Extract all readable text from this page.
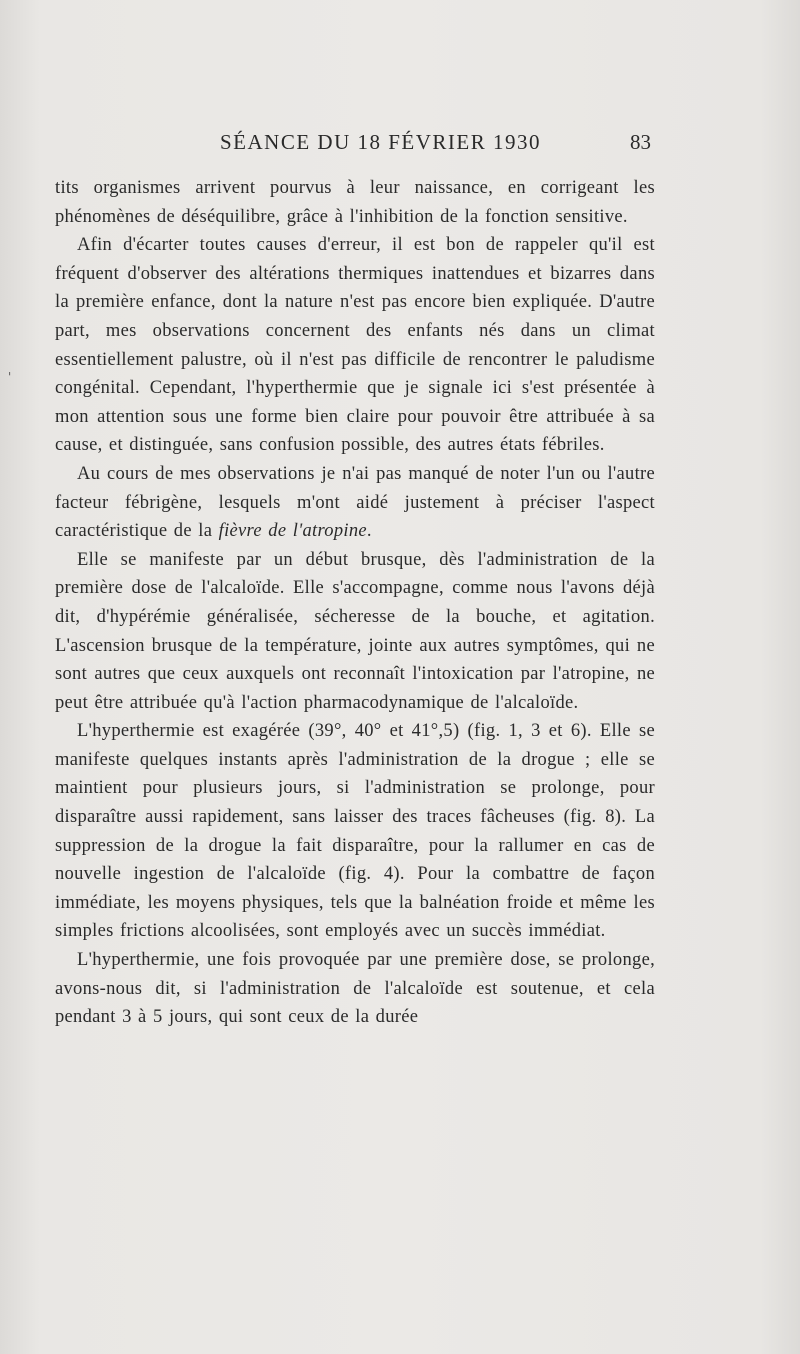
SÉANCE DU 18 FÉVRIER 1930	83
'

tits organismes arrivent pourvus à leur naissance, en corrigeant les phénomènes de déséquilibre, grâce à l'inhibition de la fonction sensitive.

Afin d'écarter toutes causes d'erreur, il est bon de rappeler qu'il est fréquent d'observer des altérations thermiques inattendues et bizarres dans la première enfance, dont la nature n'est pas encore bien expliquée. D'autre part, mes observations concernent des enfants nés dans un climat essentiellement palustre, où il n'est pas difficile de rencontrer le paludisme congénital. Cependant, l'hyperthermie que je signale ici s'est présentée à mon attention sous une forme bien claire pour pouvoir être attribuée à sa cause, et distinguée, sans confusion possible, des autres états fébriles.

Au cours de mes observations je n'ai pas manqué de noter l'un ou l'autre facteur fébrigène, lesquels m'ont aidé justement à préciser l'aspect caractéristique de la fièvre de l'atropine.

Elle se manifeste par un début brusque, dès l'administration de la première dose de l'alcaloïde. Elle s'accompagne, comme nous l'avons déjà dit, d'hypérémie généralisée, sécheresse de la bouche, et agitation. L'ascension brusque de la température, jointe aux autres symptômes, qui ne sont autres que ceux auxquels ont reconnaît l'intoxication par l'atropine, ne peut être attribuée qu'à l'action pharmacodynamique de l'alcaloïde.

L'hyperthermie est exagérée (39°, 40° et 41°,5) (fig. 1, 3 et 6). Elle se manifeste quelques instants après l'administration de la drogue ; elle se maintient pour plusieurs jours, si l'administration se prolonge, pour disparaître aussi rapidement, sans laisser des traces fâcheuses (fig. 8). La suppression de la drogue la fait disparaître, pour la rallumer en cas de nouvelle ingestion de l'alcaloïde (fig. 4). Pour la combattre de façon immédiate, les moyens physiques, tels que la balnéation froide et même les simples frictions alcoolisées, sont employés avec un succès immédiat.

L'hyperthermie, une fois provoquée par une première dose, se prolonge, avons-nous dit, si l'administration de l'alcaloïde est soutenue, et cela pendant 3 à 5 jours, qui sont ceux de la durée
